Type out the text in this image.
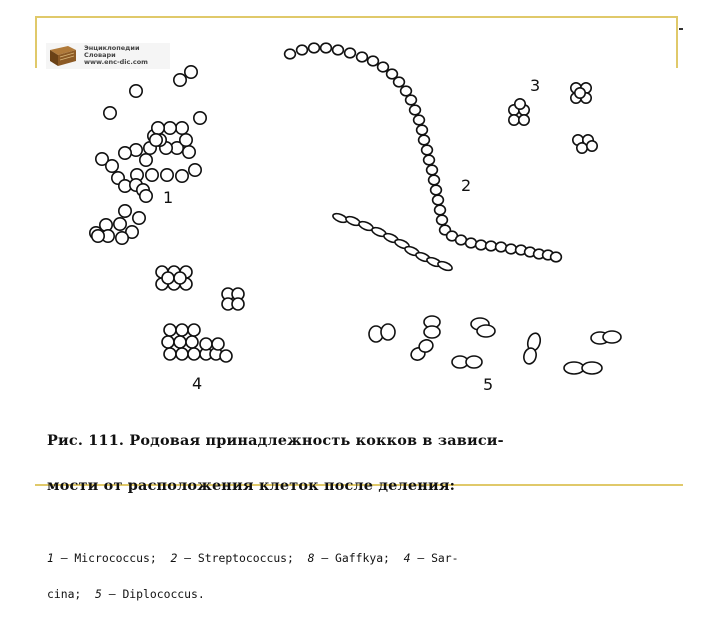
Энциклопедии
Словари
www.enc-dic.com
1
2
3
4	5

Рис. 111. Родовая принадлежность кокков в зависи-

мости от расположения клеток после деления:

1 — Micrococcus;  2 — Streptococcus;  8 — Gaffkya;  4 — Sar-

cina;  5 — Diplococcus.
